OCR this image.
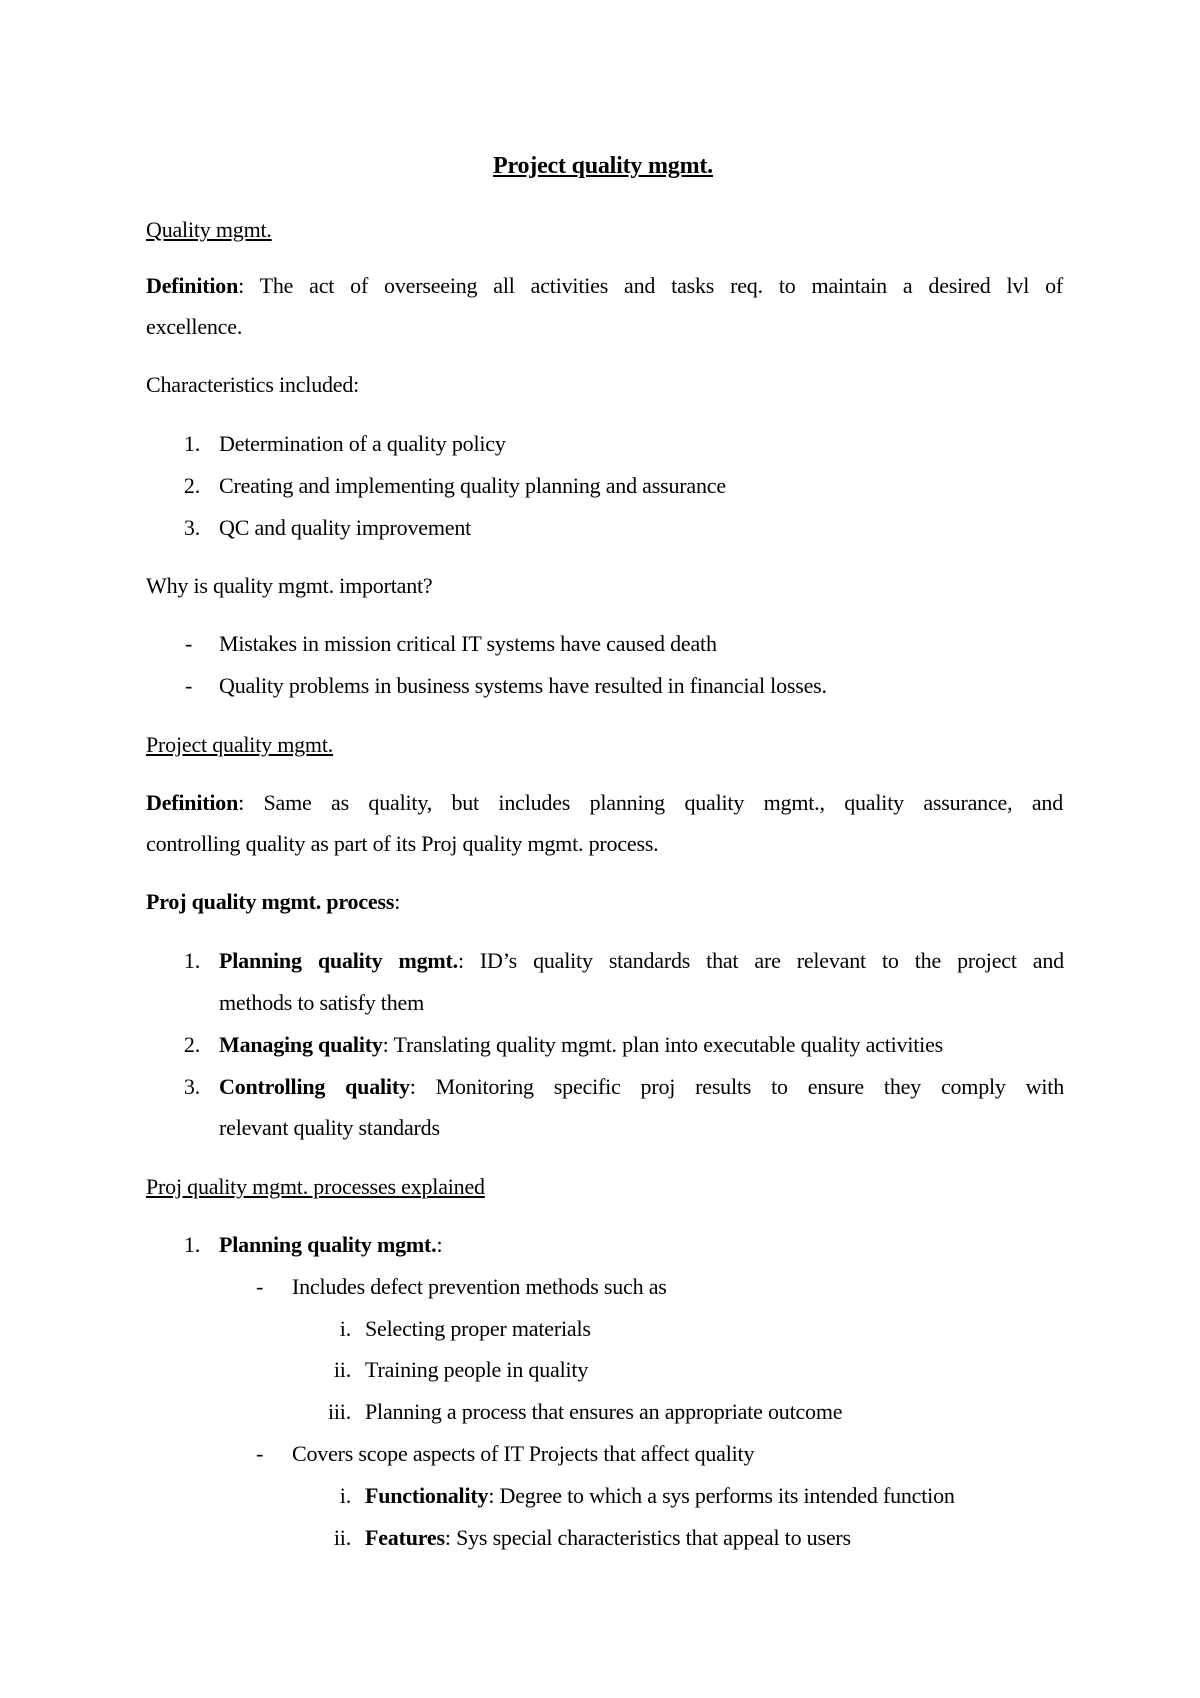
Project quality mgmt.
Quality mgmt.
Definition: The act of overseeing all activities and tasks req. to maintain a desired lvl of
excellence.
Characteristics included:
1. Determination of a quality policy
2. Creating and implementing quality planning and assurance
3. QC and quality improvement
Why is quality mgmt. important?
- Mistakes in mission critical IT systems have caused death
- Quality problems in business systems have resulted in financial losses.
Project quality mgmt.
Definition: Same as quality, but includes planning quality mgmt., quality assurance, and
controlling quality as part of its Proj quality mgmt. process.
Proj quality mgmt. process:
1. Planning quality mgmt.: ID’s quality standards that are relevant to the project and
methods to satisfy them
2. Managing quality: Translating quality mgmt. plan into executable quality activities
3. Controlling quality: Monitoring specific proj results to ensure they comply with
relevant quality standards
Proj quality mgmt. processes explained
1. Planning quality mgmt.:
- Includes defect prevention methods such as
i. Selecting proper materials
ii. Training people in quality
iii. Planning a process that ensures an appropriate outcome
- Covers scope aspects of IT Projects that affect quality
i. Functionality: Degree to which a sys performs its intended function
ii. Features: Sys special characteristics that appeal to users
